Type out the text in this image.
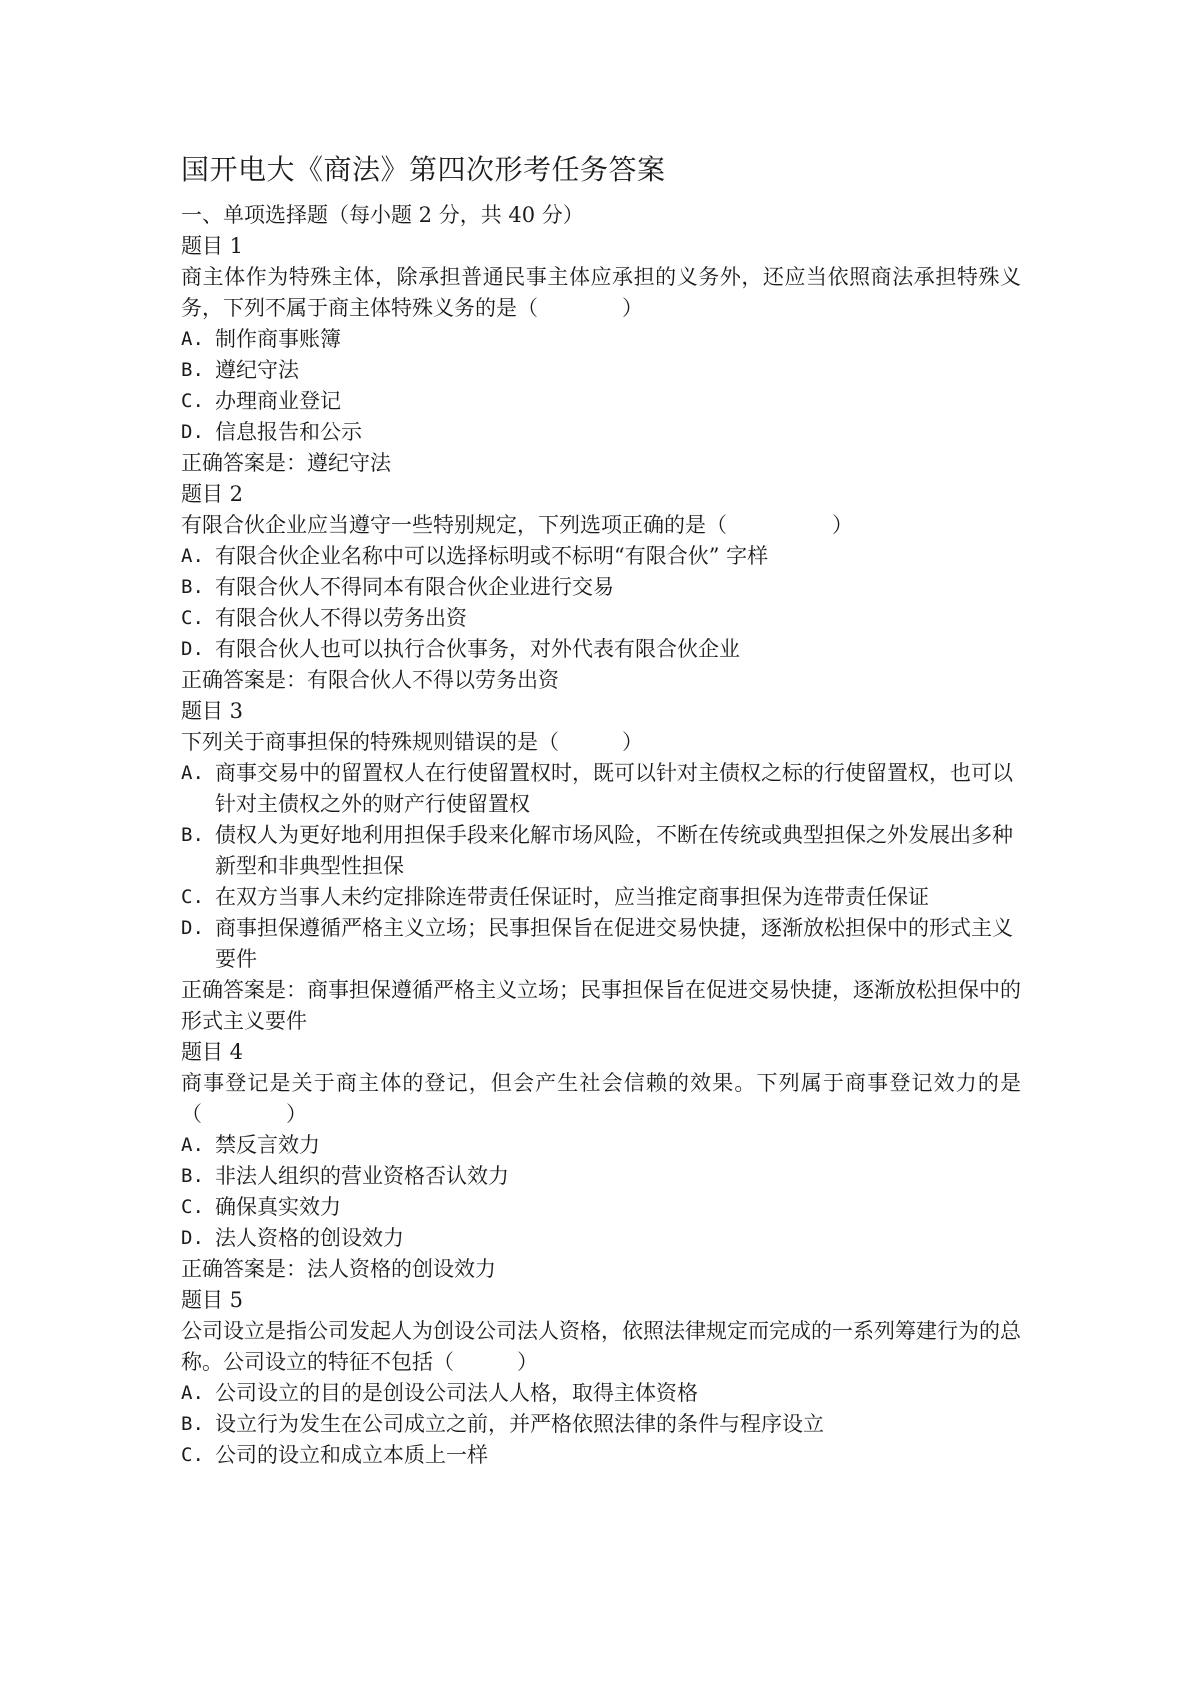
国开电大《商法》第四次形考任务答案

一、单项选择题（每小题 2 分，共 40 分）

题目 1

商主体作为特殊主体，除承担普通民事主体应承担的义务外，还应当依照商法承担特殊义务，下列不属于商主体特殊义务的是（　　　　）

A. 制作商事账簿
B. 遵纪守法
C. 办理商业登记
D. 信息报告和公示

正确答案是：遵纪守法

题目 2

有限合伙企业应当遵守一些特别规定，下列选项正确的是（　　　　　）

A. 有限合伙企业名称中可以选择标明或不标明“有限合伙” 字样
B. 有限合伙人不得同本有限合伙企业进行交易
C. 有限合伙人不得以劳务出资
D. 有限合伙人也可以执行合伙事务，对外代表有限合伙企业

正确答案是：有限合伙人不得以劳务出资

题目 3

下列关于商事担保的特殊规则错误的是（　　　）

A. 商事交易中的留置权人在行使留置权时，既可以针对主债权之标的行使留置权，也可以针对主债权之外的财产行使留置权
B. 债权人为更好地利用担保手段来化解市场风险，不断在传统或典型担保之外发展出多种新型和非典型性担保
C. 在双方当事人未约定排除连带责任保证时，应当推定商事担保为连带责任保证
D. 商事担保遵循严格主义立场；民事担保旨在促进交易快捷，逐渐放松担保中的形式主义要件

正确答案是：商事担保遵循严格主义立场；民事担保旨在促进交易快捷，逐渐放松担保中的形式主义要件

题目 4

商事登记是关于商主体的登记，但会产生社会信赖的效果。下列属于商事登记效力的是（　　　　）

A. 禁反言效力
B. 非法人组织的营业资格否认效力
C. 确保真实效力
D. 法人资格的创设效力

正确答案是：法人资格的创设效力

题目 5

公司设立是指公司发起人为创设公司法人资格，依照法律规定而完成的一系列筹建行为的总称。公司设立的特征不包括（　　　）

A. 公司设立的目的是创设公司法人人格，取得主体资格
B. 设立行为发生在公司成立之前，并严格依照法律的条件与程序设立
C. 公司的设立和成立本质上一样
